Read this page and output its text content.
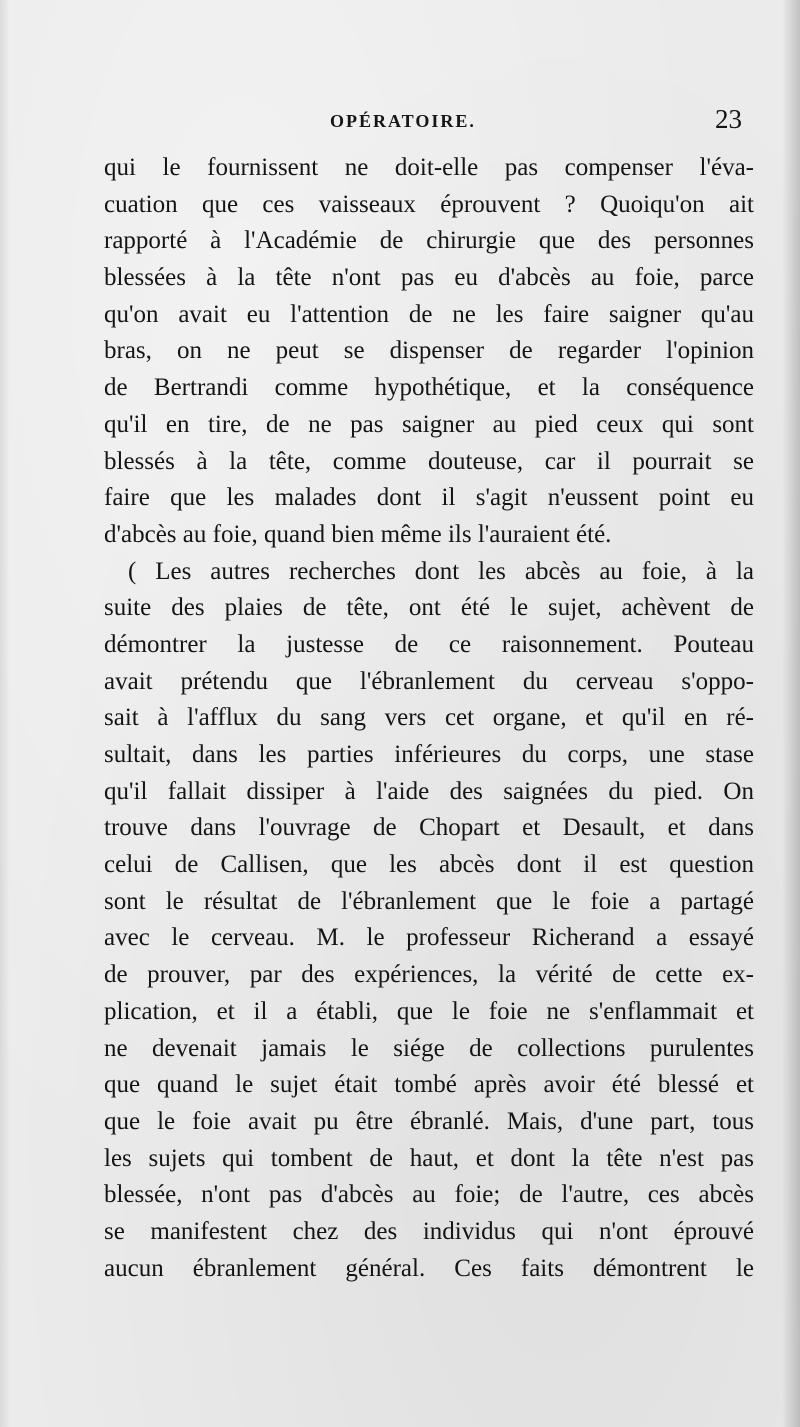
OPÉRATOIRE.	23
qui le fournissent ne doit-elle pas compenser l'éva-
cuation que ces vaisseaux éprouvent ? Quoiqu'on ait
rapporté à l'Académie de chirurgie que des personnes
blessées à la tête n'ont pas eu d'abcès au foie, parce
qu'on avait eu l'attention de ne les faire saigner qu'au
bras, on ne peut se dispenser de regarder l'opinion
de Bertrandi comme hypothétique, et la conséquence
qu'il en tire, de ne pas saigner au pied ceux qui sont
blessés à la tête, comme douteuse, car il pourrait se
faire que les malades dont il s'agit n'eussent point eu
d'abcès au foie, quand bien même ils l'auraient été.
( Les autres recherches dont les abcès au foie, à la
suite des plaies de tête, ont été le sujet, achèvent de
démontrer la justesse de ce raisonnement. Pouteau
avait prétendu que l'ébranlement du cerveau s'oppo-
sait à l'afflux du sang vers cet organe, et qu'il en ré-
sultait, dans les parties inférieures du corps, une stase
qu'il fallait dissiper à l'aide des saignées du pied. On
trouve dans l'ouvrage de Chopart et Desault, et dans
celui de Callisen, que les abcès dont il est question
sont le résultat de l'ébranlement que le foie a partagé
avec le cerveau. M. le professeur Richerand a essayé
de prouver, par des expériences, la vérité de cette ex-
plication, et il a établi, que le foie ne s'enflammait et
ne devenait jamais le siége de collections purulentes
que quand le sujet était tombé après avoir été blessé et
que le foie avait pu être ébranlé. Mais, d'une part, tous
les sujets qui tombent de haut, et dont la tête n'est pas
blessée, n'ont pas d'abcès au foie; de l'autre, ces abcès
se manifestent chez des individus qui n'ont éprouvé
aucun ébranlement général. Ces faits démontrent le
